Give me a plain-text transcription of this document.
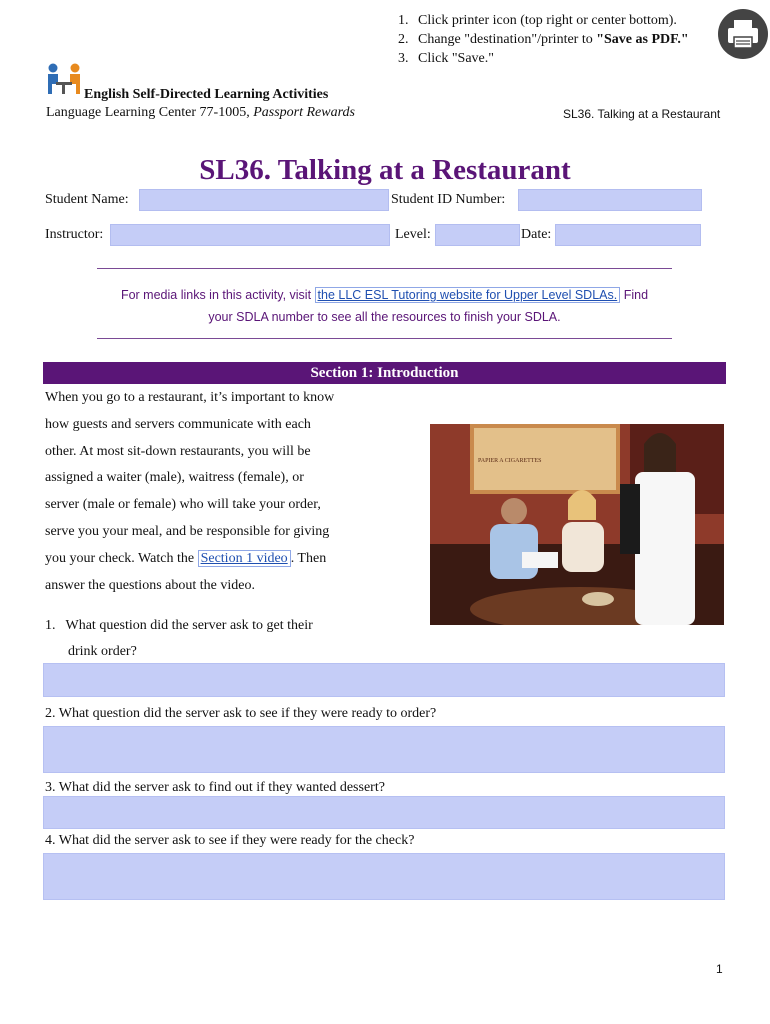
1. Click printer icon (top right or center bottom).
2. Change "destination"/printer to "Save as PDF."
3. Click "Save."
English Self-Directed Learning Activities
Language Learning Center 77-1005, Passport Rewards	SL36. Talking at a Restaurant
SL36. Talking at a Restaurant
Student Name:	Student ID Number:
Instructor:	Level:	Date:
For media links in this activity, visit the LLC ESL Tutoring website for Upper Level SDLAs. Find
your SDLA number to see all the resources to finish your SDLA.
Section 1: Introduction
When you go to a restaurant, it’s important to know
how guests and servers communicate with each
other. At most sit-down restaurants, you will be
assigned a waiter (male), waitress (female), or
server (male or female) who will take your order,
serve you your meal, and be responsible for giving
you your check. Watch the Section 1 video . Then
answer the questions about the video.
PAPIER A CIGARETTES
1. What question did the server ask to get their
drink order?
2. What question did the server ask to see if they were ready to order?
3. What did the server ask to find out if they wanted dessert?
4. What did the server ask to see if they were ready for the check?
1
